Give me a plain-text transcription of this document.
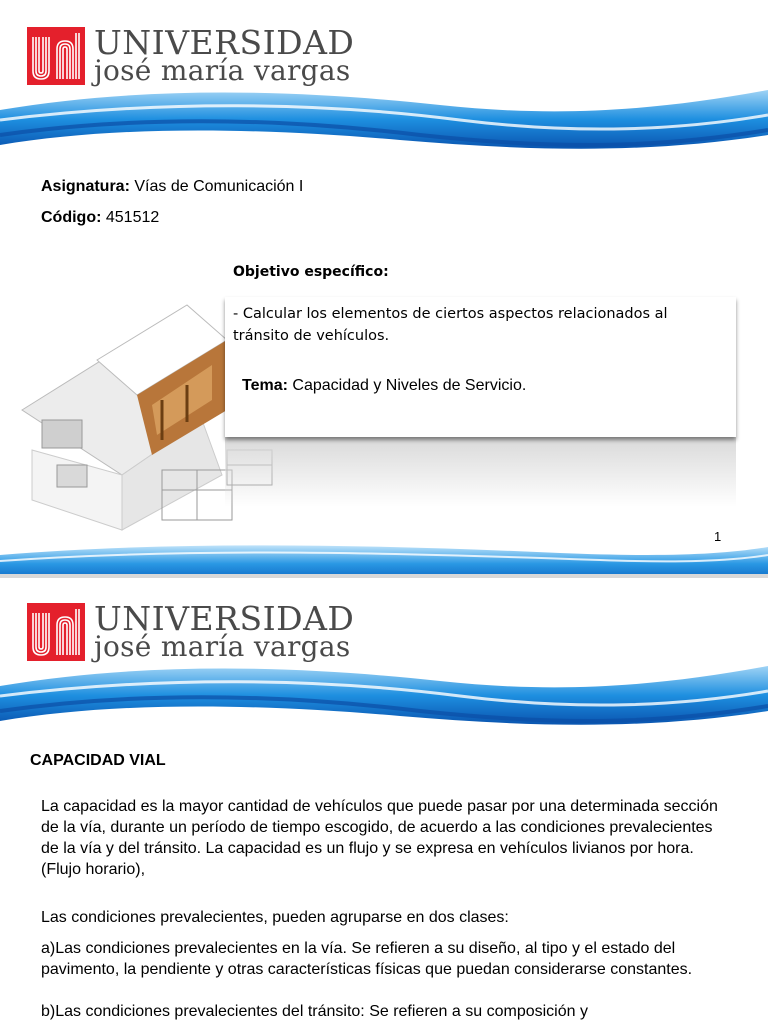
UNIVERSIDAD
josé maría vargas
Asignatura: Vías de Comunicación I
Código: 451512
Objetivo específico:
- Calcular los elementos de ciertos aspectos relacionados al tránsito de vehículos.
Tema: Capacidad y Niveles de Servicio.
1
UNIVERSIDAD
josé maría vargas
CAPACIDAD VIAL
La capacidad es la mayor cantidad de vehículos que puede pasar por una determinada sección de la vía, durante un período de tiempo escogido, de acuerdo a las condiciones prevalecientes de la vía y del tránsito. La capacidad es un flujo y se expresa en vehículos livianos por hora. (Flujo horario),
Las condiciones prevalecientes, pueden agruparse en dos clases:
a)Las condiciones prevalecientes en la vía. Se refieren a su diseño, al tipo y el estado del pavimento, la pendiente y otras características físicas que puedan considerarse constantes.
b)Las condiciones prevalecientes del tránsito: Se refieren a su composición y
